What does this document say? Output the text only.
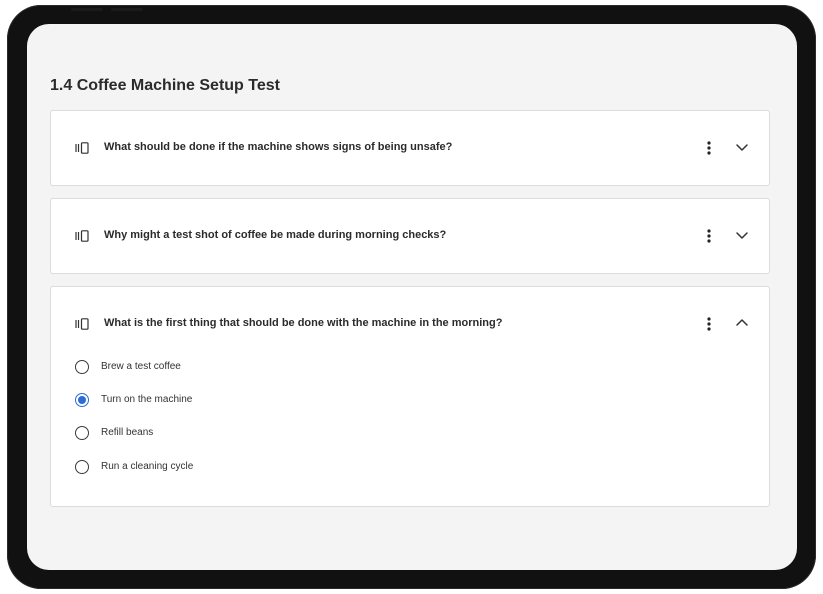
1.4 Coffee Machine Setup Test
What should be done if the machine shows signs of being unsafe?
Why might a test shot of coffee be made during morning checks?
What is the first thing that should be done with the machine in the morning?
Brew a test coffee
Turn on the machine
Refill beans
Run a cleaning cycle
